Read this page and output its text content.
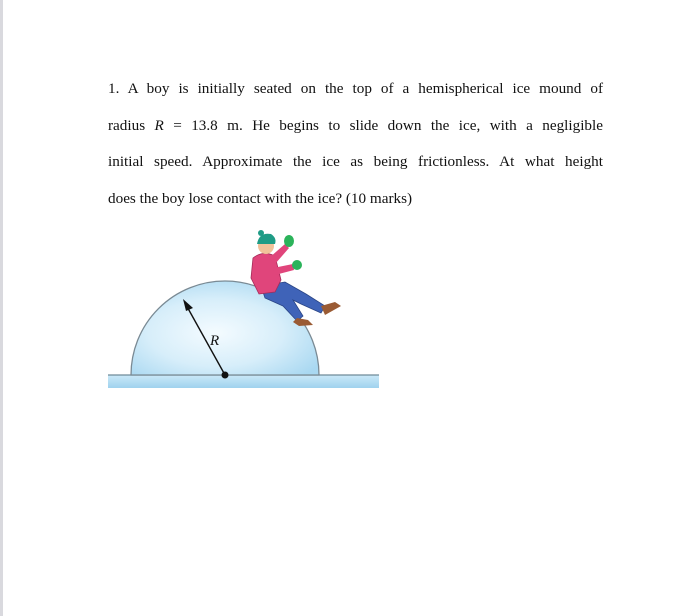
1. A boy is initially seated on the top of a hemispherical ice mound of
radius R = 13.8 m. He begins to slide down the ice, with a negligible
initial speed. Approximate the ice as being frictionless. At what height
does the boy lose contact with the ice? (10 marks)
R
